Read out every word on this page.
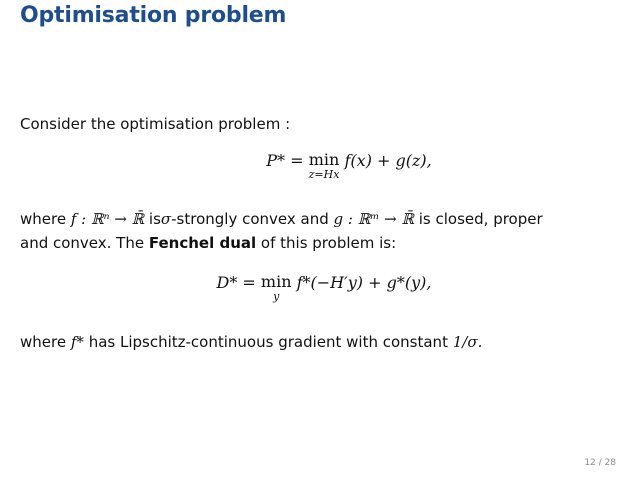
Optimisation problem
Consider the optimisation problem :
P* = min
z=Hx
f(x) + g(z),
where f : ℝⁿ → ℝ̄ isσ-strongly convex and g : ℝᵐ → ℝ̄ is closed, proper
and convex. The Fenchel dual of this problem is:
D* = min
y
f*(−H′y) + g*(y),
where f* has Lipschitz-continuous gradient with constant 1/σ.
12 / 28
